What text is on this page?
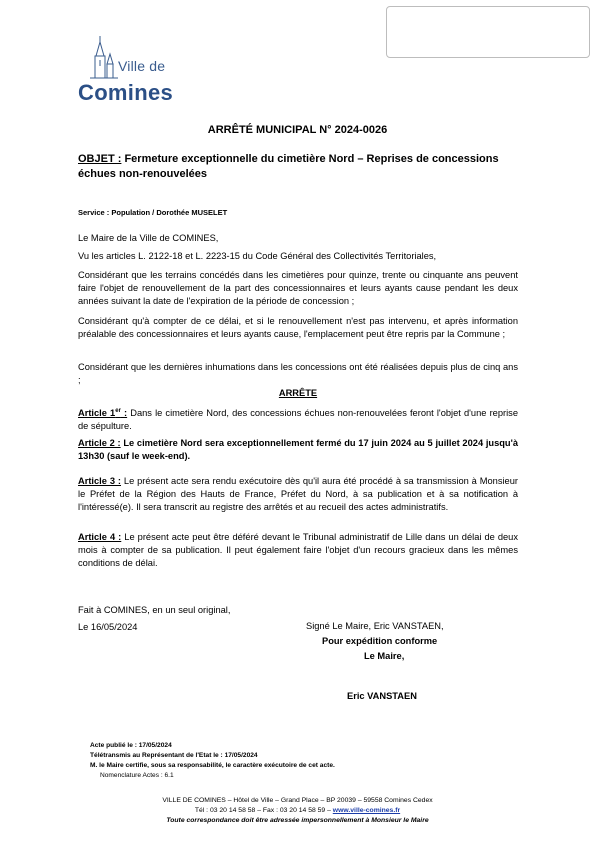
Ville de
Comines
ARRÊTÉ MUNICIPAL N° 2024-0026
OBJET : Fermeture exceptionnelle du cimetière Nord – Reprises de concessions échues non-renouvelées
Service : Population / Dorothée MUSELET
Le Maire de la Ville de COMINES,
Vu les articles L. 2122-18 et L. 2223-15 du Code Général des Collectivités Territoriales,
Considérant que les terrains concédés dans les cimetières pour quinze, trente ou cinquante ans peuvent faire l'objet de renouvellement de la part des concessionnaires et leurs ayants cause pendant les deux années suivant la date de l'expiration de la période de concession ;
Considérant qu'à compter de ce délai, et si le renouvellement n'est pas intervenu, et après information préalable des concessionnaires et leurs ayants cause, l'emplacement peut être repris par la Commune ;
Considérant que les dernières inhumations dans les concessions ont été réalisées depuis plus de cinq ans ;
ARRÊTE
Article 1er : Dans le cimetière Nord, des concessions échues non-renouvelées feront l'objet d'une reprise de sépulture.
Article 2 : Le cimetière Nord sera exceptionnellement fermé du 17 juin 2024 au 5 juillet 2024 jusqu'à 13h30 (sauf le week-end).
Article 3 : Le présent acte sera rendu exécutoire dès qu'il aura été procédé à sa transmission à Monsieur le Préfet de la Région des Hauts de France, Préfet du Nord, à sa publication et à sa notification à l'intéressé(e). Il sera transcrit au registre des arrêtés et au recueil des actes administratifs.
Article 4 : Le présent acte peut être déféré devant le Tribunal administratif de Lille dans un délai de deux mois à compter de sa publication. Il peut également faire l'objet d'un recours gracieux dans les mêmes conditions de délai.
Fait à COMINES, en un seul original,
Le 16/05/2024	Signé Le Maire, Eric VANSTAEN,
Pour expédition conforme
Le Maire,
Eric VANSTAEN
Acte publié le : 17/05/2024
Télétransmis au Représentant de l'Etat le : 17/05/2024
M. le Maire certifie, sous sa responsabilité, le caractère exécutoire de cet acte.
Nomenclature Actes : 6.1
VILLE DE COMINES – Hôtel de Ville – Grand Place – BP 20039 – 59558 Comines Cedex
Tél : 03 20 14 58 58 – Fax : 03 20 14 58 59 – www.ville-comines.fr
Toute correspondance doit être adressée impersonnellement à Monsieur le Maire
